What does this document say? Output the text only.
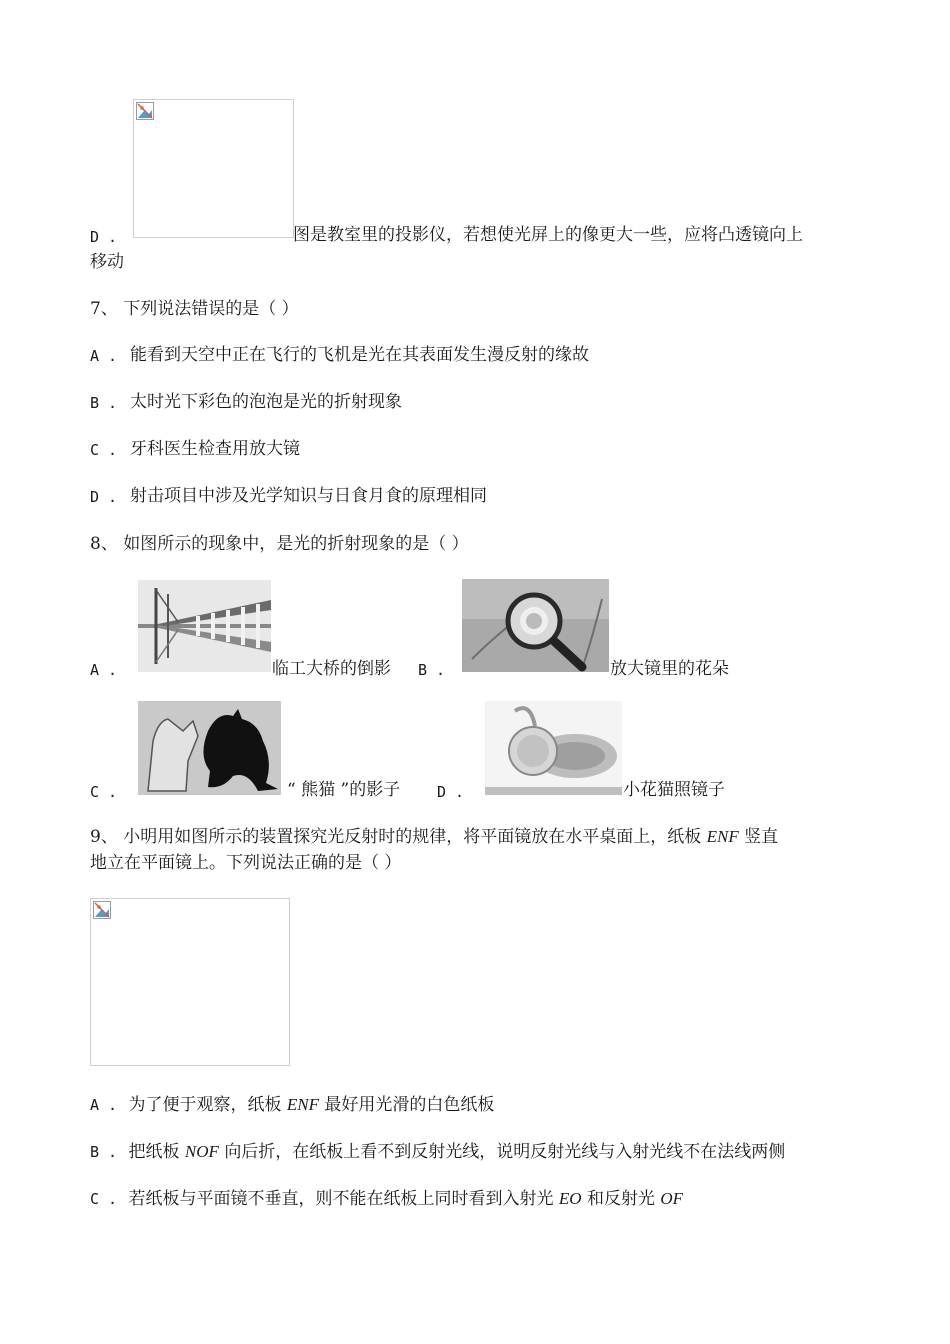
D .	图是教室里的投影仪，若想使光屏上的像更大一些，应将凸透镜向上
移动
7、 下列说法错误的是（ ）
A . 能看到天空中正在飞行的飞机是光在其表面发生漫反射的缘故
B . 太时光下彩色的泡泡是光的折射现象
C . 牙科医生检查用放大镜
D . 射击项目中涉及光学知识与日食月食的原理相同
8、 如图所示的现象中，是光的折射现象的是（ ）
A .	临工大桥的倒影 B .	放大镜里的花朵
C .	“ 熊猫 ”的影子 D .	小花猫照镜子
9、 小明用如图所示的装置探究光反射时的规律，将平面镜放在水平桌面上，纸板 ENF 竖直
地立在平面镜上。下列说法正确的是（ ）
A . 为了便于观察，纸板 ENF 最好用光滑的白色纸板
B . 把纸板 NOF 向后折，在纸板上看不到反射光线，说明反射光线与入射光线不在法线两侧
C . 若纸板与平面镜不垂直，则不能在纸板上同时看到入射光 EO 和反射光 OF
